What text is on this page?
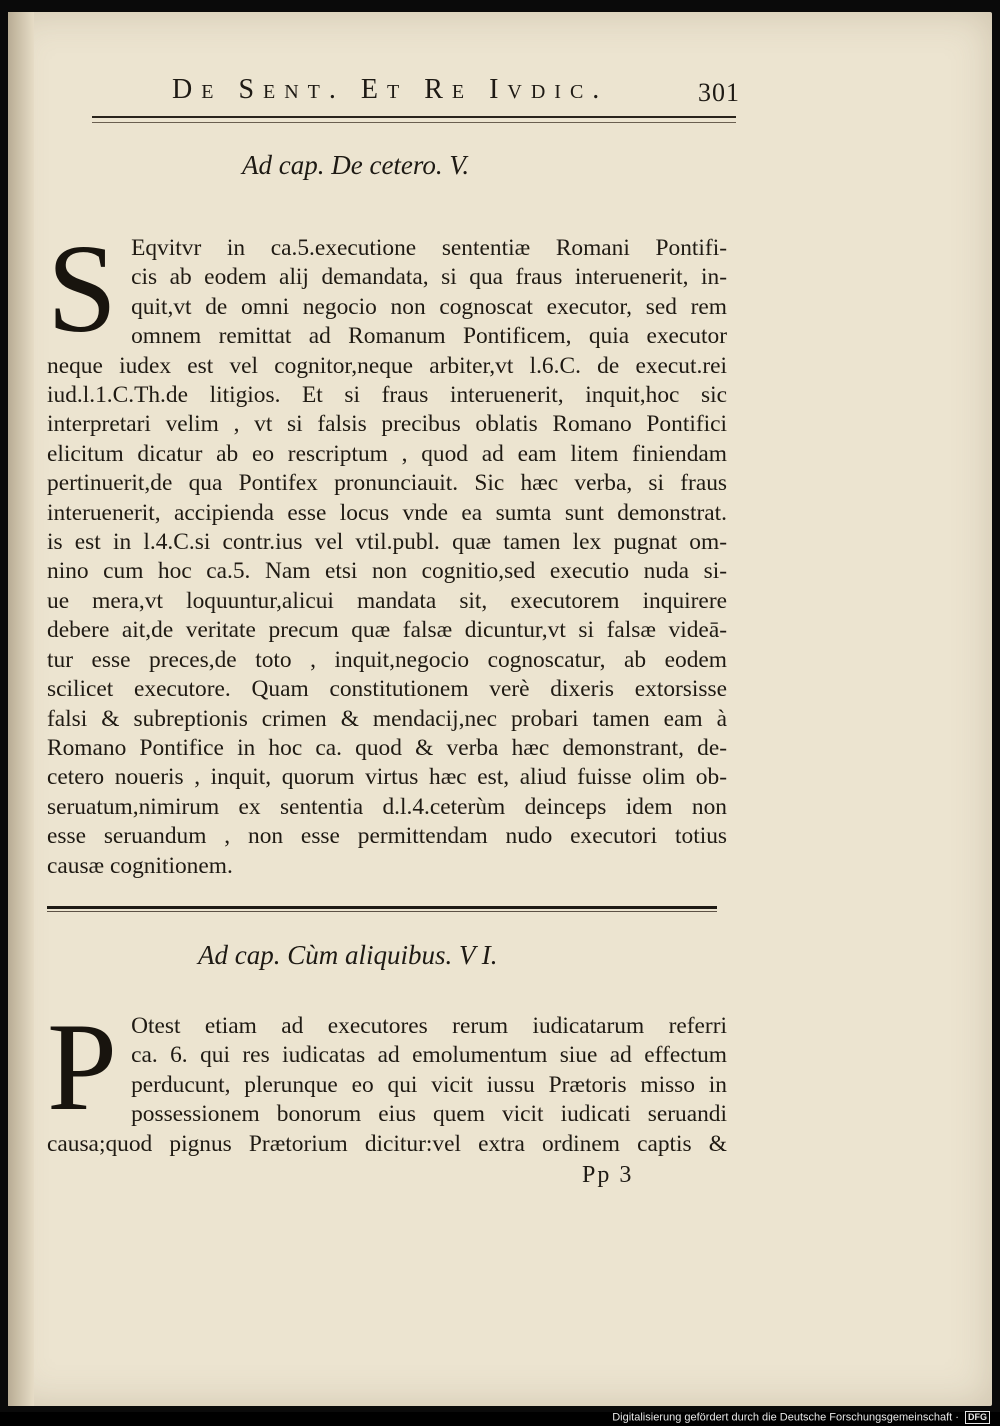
De Sent. Et Re Ivdic.	301
Ad cap. De cetero. V.
S Eqvitvr in ca.5.executione sententiæ Romani Pontifi-
cis ab eodem alij demandata, si qua fraus interuenerit, in-
quit,vt de omni negocio non cognoscat executor, sed rem
omnem remittat ad Romanum Pontificem, quia executor
neque iudex est vel cognitor,neque arbiter,vt l.6.C. de execut.rei
iud.l.1.C.Th.de litigios. Et si fraus interuenerit, inquit,hoc sic
interpretari velim , vt si falsis precibus oblatis Romano Pontifici
elicitum dicatur ab eo rescriptum , quod ad eam litem finiendam
pertinuerit,de qua Pontifex pronunciauit. Sic hæc verba, si fraus
interuenerit, accipienda esse locus vnde ea sumta sunt demonstrat.
is est in l.4.C.si contr.ius vel vtil.publ. quæ tamen lex pugnat om-
nino cum hoc ca.5. Nam etsi non cognitio,sed executio nuda si-
ue mera,vt loquuntur,alicui mandata sit, executorem inquirere
debere ait,de veritate precum quæ falsæ dicuntur,vt si falsæ videā-
tur esse preces,de toto , inquit,negocio cognoscatur, ab eodem
scilicet executore. Quam constitutionem verè dixeris extorsisse
falsi & subreptionis crimen & mendacij,nec probari tamen eam à
Romano Pontifice in hoc ca. quod & verba hæc demonstrant, de-
cetero noueris , inquit, quorum virtus hæc est, aliud fuisse olim ob-
seruatum,nimirum ex sententia d.l.4.ceterùm deinceps idem non
esse seruandum , non esse permittendam nudo executori totius
causæ cognitionem.
Ad cap. Cùm aliquibus. V I.
P Otest etiam ad executores rerum iudicatarum referri
ca. 6. qui res iudicatas ad emolumentum siue ad effectum
perducunt, plerunque eo qui vicit iussu Prætoris misso in
possessionem bonorum eius quem vicit iudicati seruandi
causa;quod pignus Prætorium dicitur:vel extra ordinem captis &
Pp 3
Digitalisierung gefördert durch die Deutsche Forschungsgemeinschaft · DFG
